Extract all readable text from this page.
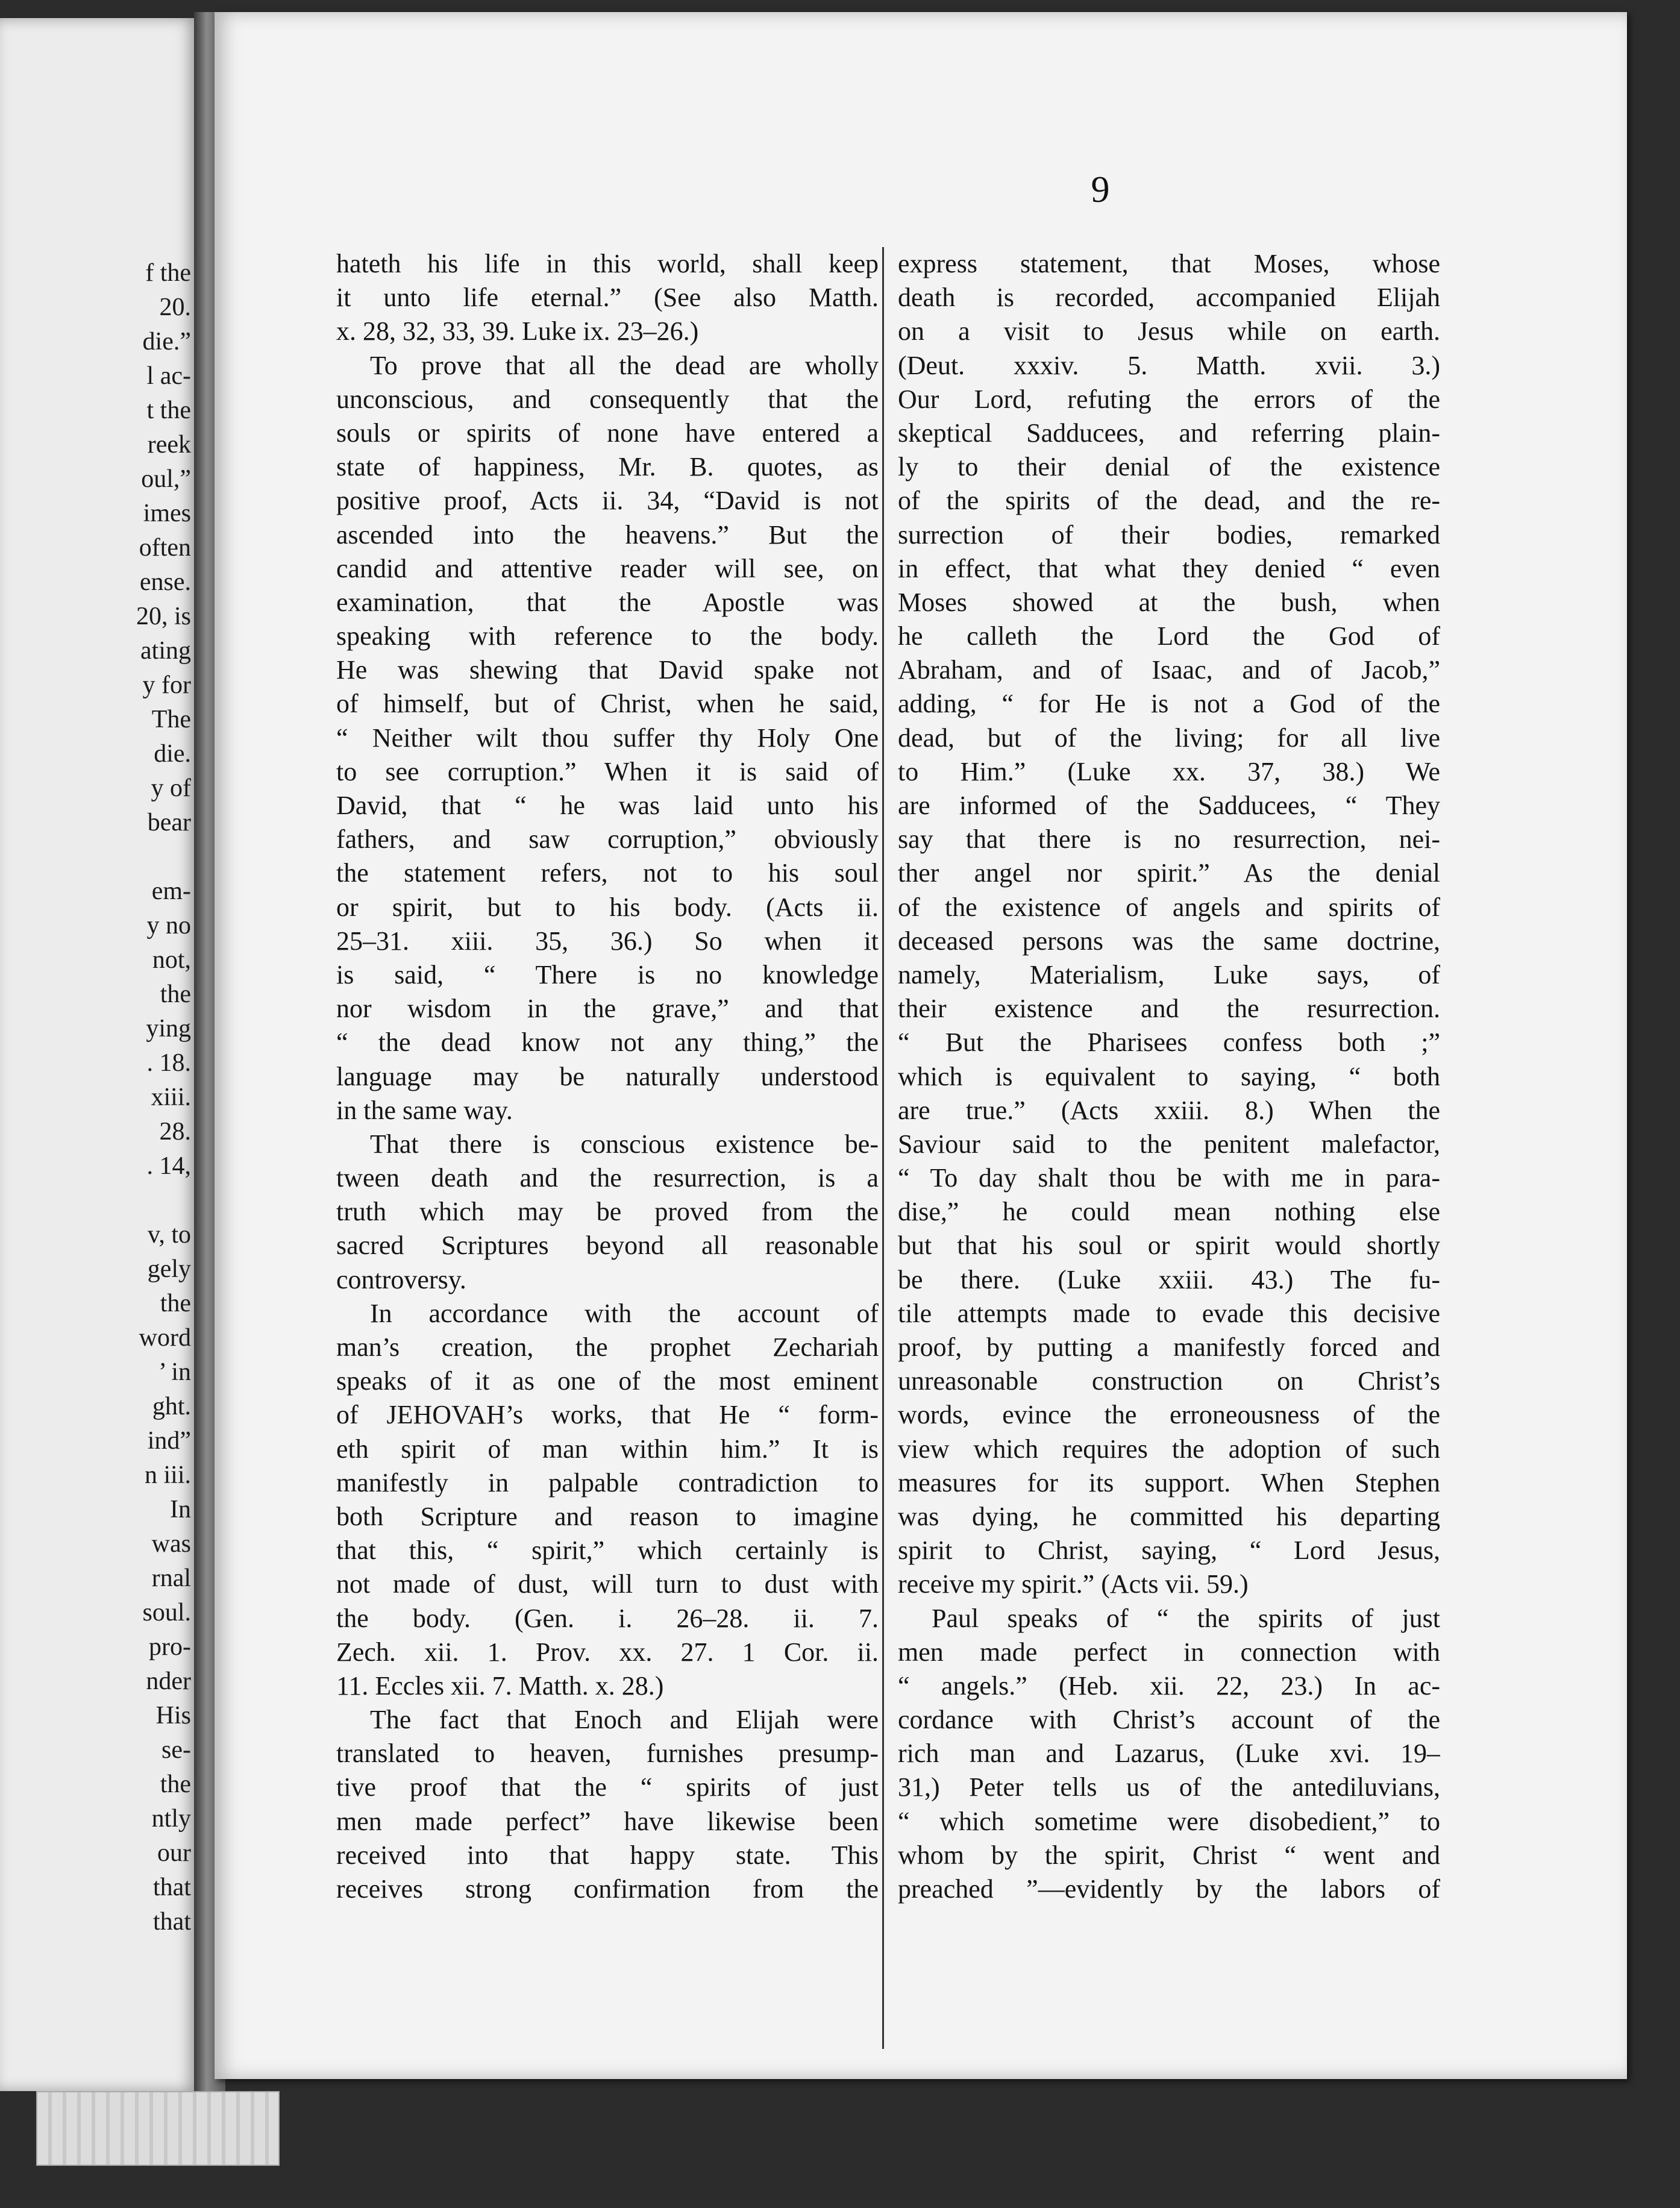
f the
20.
die.”
l ac-
t the
reek
oul,”
imes
often
ense.
20, is
ating
y for
The
die.
y of
bear
em-
y no
not,
the
ying
. 18.
xiii.
28.
. 14,
v, to
gely
the
word
’ in
ght.
ind”
n iii.
In
was
rnal
soul.
pro-
nder
His
se-
the
ntly
our
that
that
9
hateth his life in this world, shall keep
it unto life eternal.” (See also Matth.
x. 28, 32, 33, 39. Luke ix. 23–26.)
To prove that all the dead are wholly
unconscious, and consequently that the
souls or spirits of none have entered a
state of happiness, Mr. B. quotes, as
positive proof, Acts ii. 34, “David is not
ascended into the heavens.” But the
candid and attentive reader will see, on
examination, that the Apostle was
speaking with reference to the body.
He was shewing that David spake not
of himself, but of Christ, when he said,
“ Neither wilt thou suffer thy Holy One
to see corruption.” When it is said of
David, that “ he was laid unto his
fathers, and saw corruption,” obviously
the statement refers, not to his soul
or spirit, but to his body. (Acts ii.
25–31. xiii. 35, 36.) So when it
is said, “ There is no knowledge
nor wisdom in the grave,” and that
“ the dead know not any thing,” the
language may be naturally understood
in the same way.
That there is conscious existence be-
tween death and the resurrection, is a
truth which may be proved from the
sacred Scriptures beyond all reasonable
controversy.
In accordance with the account of
man’s creation, the prophet Zechariah
speaks of it as one of the most eminent
of JEHOVAH’s works, that He “ form-
eth spirit of man within him.” It is
manifestly in palpable contradiction to
both Scripture and reason to imagine
that this, “ spirit,” which certainly is
not made of dust, will turn to dust with
the body. (Gen. i. 26–28. ii. 7.
Zech. xii. 1. Prov. xx. 27. 1 Cor. ii.
11. Eccles xii. 7. Matth. x. 28.)
The fact that Enoch and Elijah were
translated to heaven, furnishes presump-
tive proof that the “ spirits of just
men made perfect” have likewise been
received into that happy state. This
receives strong confirmation from the
express statement, that Moses, whose
death is recorded, accompanied Elijah
on a visit to Jesus while on earth.
(Deut. xxxiv. 5. Matth. xvii. 3.)
Our Lord, refuting the errors of the
skeptical Sadducees, and referring plain-
ly to their denial of the existence
of the spirits of the dead, and the re-
surrection of their bodies, remarked
in effect, that what they denied “ even
Moses showed at the bush, when
he calleth the Lord the God of
Abraham, and of Isaac, and of Jacob,”
adding, “ for He is not a God of the
dead, but of the living; for all live
to Him.” (Luke xx. 37, 38.) We
are informed of the Sadducees, “ They
say that there is no resurrection, nei-
ther angel nor spirit.” As the denial
of the existence of angels and spirits of
deceased persons was the same doctrine,
namely, Materialism, Luke says, of
their existence and the resurrection.
“ But the Pharisees confess both ;”
which is equivalent to saying, “ both
are true.” (Acts xxiii. 8.) When the
Saviour said to the penitent malefactor,
“ To day shalt thou be with me in para-
dise,” he could mean nothing else
but that his soul or spirit would shortly
be there. (Luke xxiii. 43.) The fu-
tile attempts made to evade this decisive
proof, by putting a manifestly forced and
unreasonable construction on Christ’s
words, evince the erroneousness of the
view which requires the adoption of such
measures for its support. When Stephen
was dying, he committed his departing
spirit to Christ, saying, “ Lord Jesus,
receive my spirit.” (Acts vii. 59.)
Paul speaks of “ the spirits of just
men made perfect in connection with
“ angels.” (Heb. xii. 22, 23.) In ac-
cordance with Christ’s account of the
rich man and Lazarus, (Luke xvi. 19–
31,) Peter tells us of the antediluvians,
“ which sometime were disobedient,” to
whom by the spirit, Christ “ went and
preached ”—evidently by the labors of
